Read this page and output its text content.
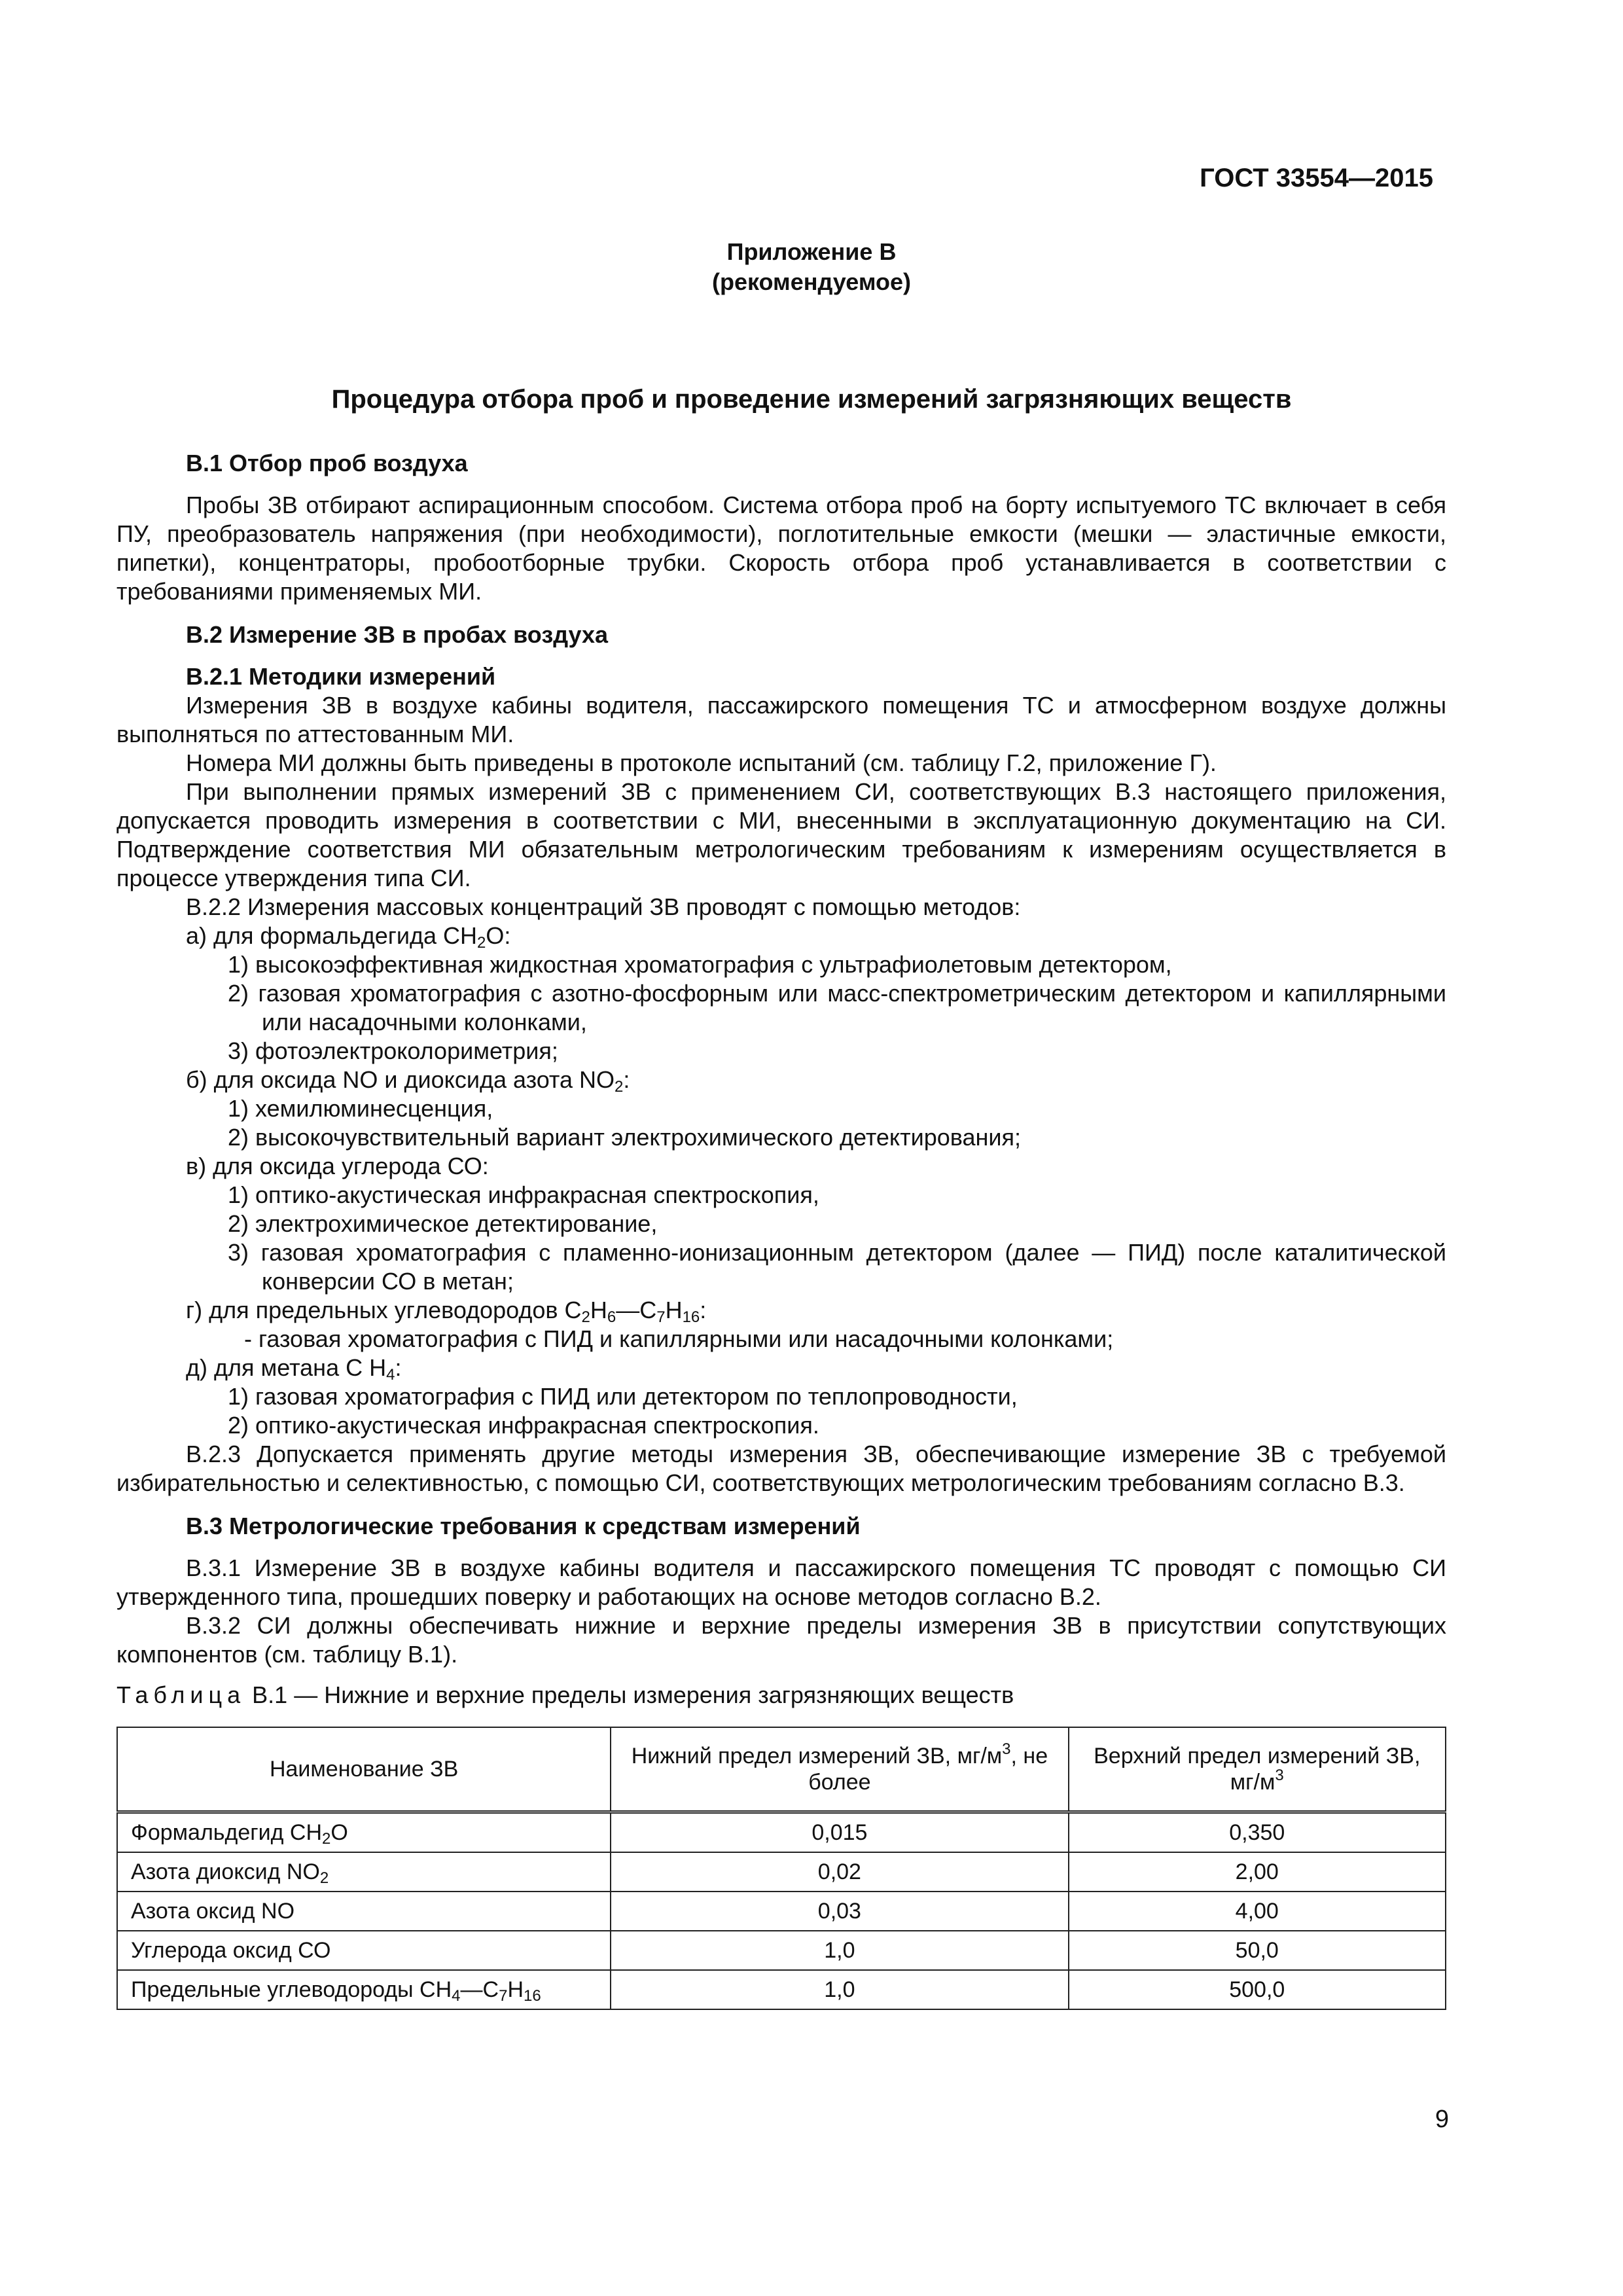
ГОСТ 33554—2015
Приложение В
(рекомендуемое)
Процедура отбора проб и проведение измерений загрязняющих веществ

В.1 Отбор проб воздуха

Пробы ЗВ отбирают аспирационным способом. Система отбора проб на борту испытуемого ТС включает в себя ПУ, преобразователь напряжения (при необходимости), поглотительные емкости (мешки — эластичные емкости, пипетки), концентраторы, пробоотборные трубки. Скорость отбора проб устанавливается в соответствии с требованиями применяемых МИ.

В.2 Измерение ЗВ в пробах воздуха

В.2.1 Методики измерений

Измерения ЗВ в воздухе кабины водителя, пассажирского помещения ТС и атмосферном воздухе должны выполняться по аттестованным МИ.

Номера МИ должны быть приведены в протоколе испытаний (см. таблицу Г.2, приложение Г).

При выполнении прямых измерений ЗВ с применением СИ, соответствующих В.3 настоящего приложения, допускается проводить измерения в соответствии с МИ, внесенными в эксплуатационную документацию на СИ. Подтверждение соответствия МИ обязательным метрологическим требованиям к измерениям осуществляется в процессе утверждения типа СИ.

В.2.2 Измерения массовых концентраций ЗВ проводят с помощью методов:

а) для формальдегида $CH_2O$:

1) высокоэффективная жидкостная хроматография с ультрафиолетовым детектором,

2) газовая хроматография с азотно-фосфорным или масс-спектрометрическим детектором и капиллярными или насадочными колонками,

3) фотоэлектроколориметрия;

б) для оксида NO и диоксида азота $NO_2$:

1) хемилюминесценция,

2) высокочувствительный вариант электрохимического детектирования;

в) для оксида углерода СО:

1) оптико-акустическая инфракрасная спектроскопия,

2) электрохимическое детектирование,

3) газовая хроматография с пламенно-ионизационным детектором (далее — ПИД) после каталитической конверсии СО в метан;

г) для предельных углеводородов $C_2H_6—C_7H_{16}$:

- газовая хроматография с ПИД и капиллярными или насадочными колонками;

д) для метана С $H_4$:

1) газовая хроматография с ПИД или детектором по теплопроводности,

2) оптико-акустическая инфракрасная спектроскопия.

В.2.3 Допускается применять другие методы измерения ЗВ, обеспечивающие измерение ЗВ с требуемой избирательностью и селективностью, с помощью СИ, соответствующих метрологическим требованиям согласно В.3.

В.3 Метрологические требования к средствам измерений

В.3.1 Измерение ЗВ в воздухе кабины водителя и пассажирского помещения ТС проводят с помощью СИ утвержденного типа, прошедших поверку и работающих на основе методов согласно В.2.

В.3.2 СИ должны обеспечивать нижние и верхние пределы измерения ЗВ в присутствии сопутствующих компонентов (см. таблицу В.1).

Таблица В.1 — Нижние и верхние пределы измерения загрязняющих веществ

Наименование ЗВ	Нижний предел измерений ЗВ, $мг/м^3$, не более	Верхний предел измерений ЗВ, $мг/м^3$
Формальдегид $CH_2O$	0,015	0,350
Азота диоксид $NO_2$	0,02	2,00
Азота оксид NO	0,03	4,00
Углерода оксид СО	1,0	50,0
Предельные углеводороды $CH_4—C_7H_{16}$	1,0	500,0
9
